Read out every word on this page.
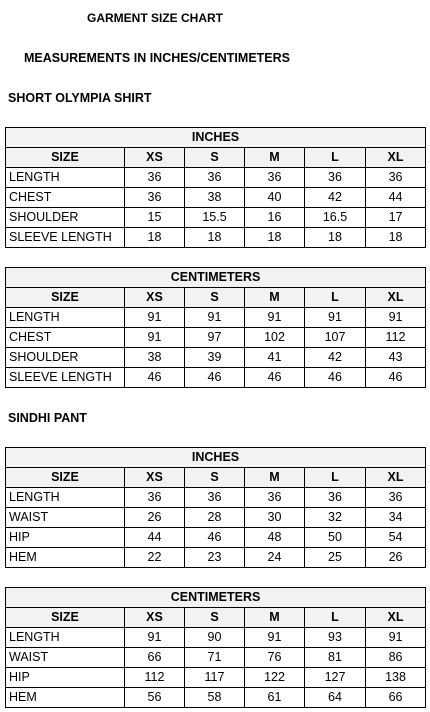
GARMENT SIZE CHART
MEASUREMENTS IN INCHES/CENTIMETERS
SHORT OLYMPIA SHIRT
INCHES					
SIZE	XS	S	M	L	XL
LENGTH	36	36	36	36	36
CHEST	36	38	40	42	44
SHOULDER	15	15.5	16	16.5	17
SLEEVE LENGTH	18	18	18	18	18
CENTIMETERS					
SIZE	XS	S	M	L	XL
LENGTH	91	91	91	91	91
CHEST	91	97	102	107	112
SHOULDER	38	39	41	42	43
SLEEVE LENGTH	46	46	46	46	46
SINDHI PANT
INCHES					
SIZE	XS	S	M	L	XL
LENGTH	36	36	36	36	36
WAIST	26	28	30	32	34
HIP	44	46	48	50	54
HEM	22	23	24	25	26
CENTIMETERS					
SIZE	XS	S	M	L	XL
LENGTH	91	90	91	93	91
WAIST	66	71	76	81	86
HIP	112	117	122	127	138
HEM	56	58	61	64	66
